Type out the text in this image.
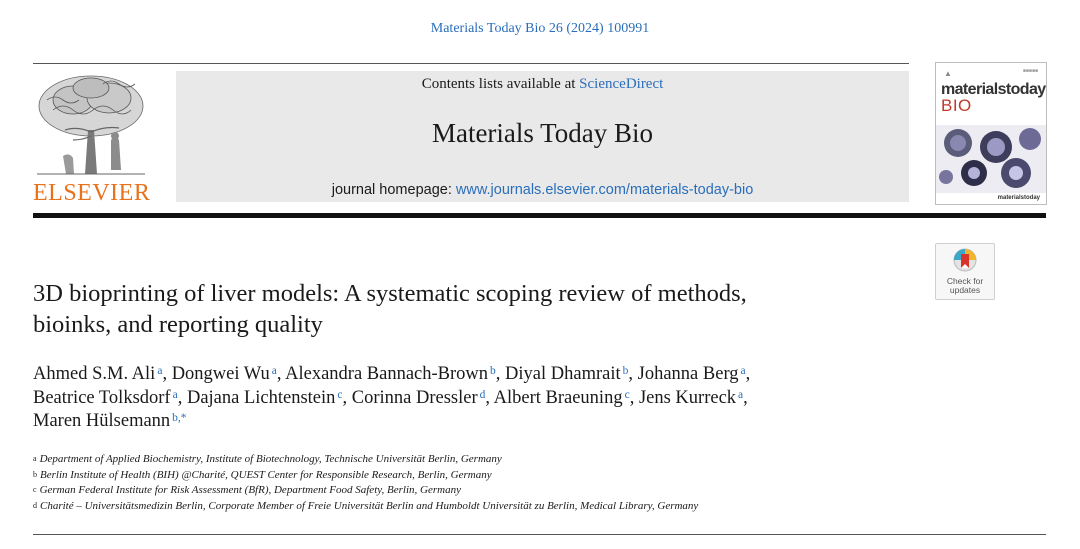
Materials Today Bio 26 (2024) 100991
ELSEVIER
Contents lists available at ScienceDirect
Materials Today Bio
journal homepage: www.journals.elsevier.com/materials-today-bio
▲	■■■■■
materialstoday
BIO
materialstoday
Check for
updates
3D bioprinting of liver models: A systematic scoping review of methods,
bioinks, and reporting quality
Ahmed S.M. Ali $^a$, Dongwei Wu $^a$, Alexandra Bannach-Brown $^b$, Diyal Dhamrait $^b$, Johanna Berg $^a$,
Beatrice Tolksdorf $^a$, Dajana Lichtenstein $^c$, Corinna Dressler $^d$, Albert Braeuning $^c$, Jens Kurreck $^a$,
Maren Hülsemann $^{b,*}$
$^a$ Department of Applied Biochemistry, Institute of Biotechnology, Technische Universität Berlin, Germany
$^b$ Berlin Institute of Health (BIH) @Charité, QUEST Center for Responsible Research, Berlin, Germany
$^c$ German Federal Institute for Risk Assessment (BfR), Department Food Safety, Berlin, Germany
$^d$ Charité – Universitätsmedizin Berlin, Corporate Member of Freie Universität Berlin and Humboldt Universität zu Berlin, Medical Library, Germany
